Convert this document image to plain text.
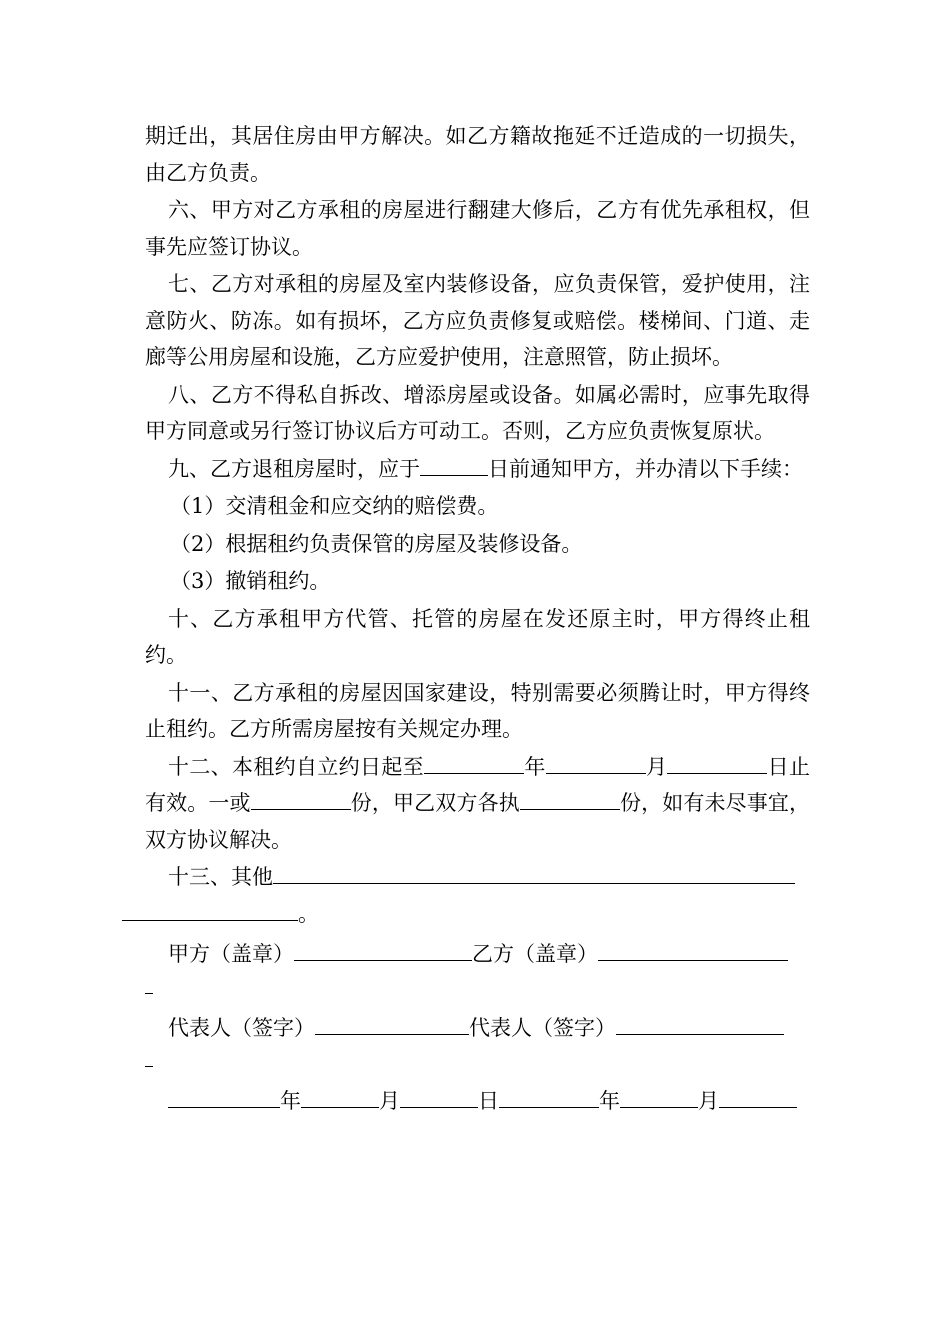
期迁出，其居住房由甲方解决。如乙方籍故拖延不迁造成的一切损失，由乙方负责。

六、甲方对乙方承租的房屋进行翻建大修后，乙方有优先承租权，但事先应签订协议。

七、乙方对承租的房屋及室内装修设备，应负责保管，爱护使用，注意防火、防冻。如有损坏，乙方应负责修复或赔偿。楼梯间、门道、走廊等公用房屋和设施，乙方应爱护使用，注意照管，防止损坏。

八、乙方不得私自拆改、增添房屋或设备。如属必需时，应事先取得甲方同意或另行签订协议后方可动工。否则，乙方应负责恢复原状。

九、乙方退租房屋时，应于	日前通知甲方，并办清以下手续：

（1）交清租金和应交纳的赔偿费。

（2）根据租约负责保管的房屋及装修设备。

（3）撤销租约。

十、乙方承租甲方代管、托管的房屋在发还原主时，甲方得终止租约。

十一、乙方承租的房屋因国家建设，特别需要必须腾让时，甲方得终止租约。乙方所需房屋按有关规定办理。

十二、本租约自立约日起至	年	月	日止有效。一或	份，甲乙双方各执	份，如有未尽事宜，双方协议解决。

十三、其他
。

甲方（盖章）	乙方（盖章）
代表人（签字）	代表人（签字）
年	月	日	年	月
